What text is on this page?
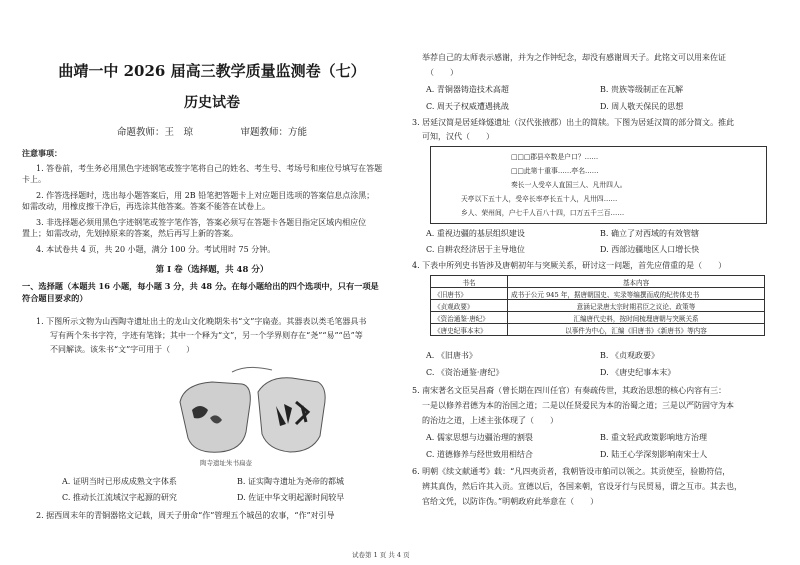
曲靖一中 2026 届高三教学质量监测卷（七）
历史试卷
命题教师：王　琼　　　　　审题教师：方能
注意事项：
1. 答卷前，考生务必用黑色字迹钢笔或签字笔将自己的姓名、考生号、考场号和座位号填写在答题
卡上。
2. 作答选择题时，选出每小题答案后，用 2B 铅笔把答题卡上对应题目选项的答案信息点涂黑；
如需改动，用橡皮擦干净后，再选涂其他答案。答案不能答在试卷上。
3. 非选择题必须用黑色字迹钢笔或签字笔作答，答案必须写在答题卡各题目指定区域内相应位
置上；如需改动，先划掉原来的答案，然后再写上新的答案。
4. 本试卷共 4 页，共 20 小题，满分 100 分。考试用时 75 分钟。
第 Ⅰ 卷（选择题，共 48 分）
一、选择题（本题共 16 小题，每小题 3 分，共 48 分。在每小题给出的四个选项中，只有一项是
符合题目要求的）
1. 下图所示文物为山西陶寺遗址出土的龙山文化晚期朱书“文”字扁壶。其器表以类毛笔器具书
写有两个朱书字符，字迹有笔锋；其中一个释为“文”，另一个学界则存在“尧”“易”“邑”等
不同解读。该朱书“文”字可用于（　　）
陶寺遗址朱书扁壶
A. 证明当时已形成成熟文字体系	B. 证实陶寺遗址为尧帝的都城
C. 推动长江流域汉字起源的研究	D. 佐证中华文明起源时间较早
2. 据西周末年的青铜器铭文记载，周天子册命“作”管理五个城邑的农事，“作”对引导
举荐自己的太师表示感谢，并为之作钟纪念，却没有感谢周天子。此铭文可以用来佐证
（　　）
A. 青铜器铸造技术高超	B. 贵族等级制正在瓦解
C. 周天子权威遭遇挑战	D. 周人敬天保民的思想
3. 居延汉简是居延烽燧遗址（汉代张掖郡）出土的简牍。下图为居延汉简的部分简文。推此
可知，汉代（　　）
□□□郡县卒数是户口？……
□□此第十重事……亭名……
奏长一人受卒人直国三人、凡卅四人。
天亭以下五十人，受卒长率亭长五十人，凡卅四……
乡人、荣州间，户七千人百八十四，口万五千三百……
A. 重视边疆的基层组织建设	B. 确立了对西域的有效管辖
C. 自耕农经济居于主导地位	D. 西部边疆地区人口增长快
4. 下表中所列史书皆涉及唐朝初年与突厥关系，研讨这一问题，首先应借重的是（　　）
书名	基本内容
《旧唐书》	成书于公元 945 年，据唐朝国史、实录等编撰而成的纪传体史书
《贞观政要》	意涵记录唐太宗时期君臣之议论、政策等
《资治通鉴·唐纪》	汇编唐代史料，按时间梳理唐朝与突厥关系
《唐史纪事本末》	以事件为中心，汇编《旧唐书》《新唐书》等内容
A. 《旧唐书》	B. 《贞观政要》
C. 《资治通鉴·唐纪》	D. 《唐史纪事本末》
5. 南宋著名文臣吴昌裔（曾长期在四川任官）有奏疏传世，其政治思想的核心内容有三：
一是以修养君德为本的治国之道；二是以任贤爱民为本的治蜀之道；三是以严防固守为本
的治边之道，上述主张体现了（　　）
A. 儒家思想与边疆治理的割裂	B. 重文轻武政策影响地方治理
C. 道德修养与经世致用相结合	D. 陆王心学深刻影响南宋士人
6. 明朝《续文献通考》载：“凡四夷贡者，我朝皆设市舶司以领之。其贡使至，验勘符信，
辨其真伪，然后许其入贡。宣德以后，各国来朝，官设牙行与民贸易，谓之互市。其去也，
官给文凭，以防诈伪。”明朝政府此举意在（　　）
试卷第 1 页 共 4 页
